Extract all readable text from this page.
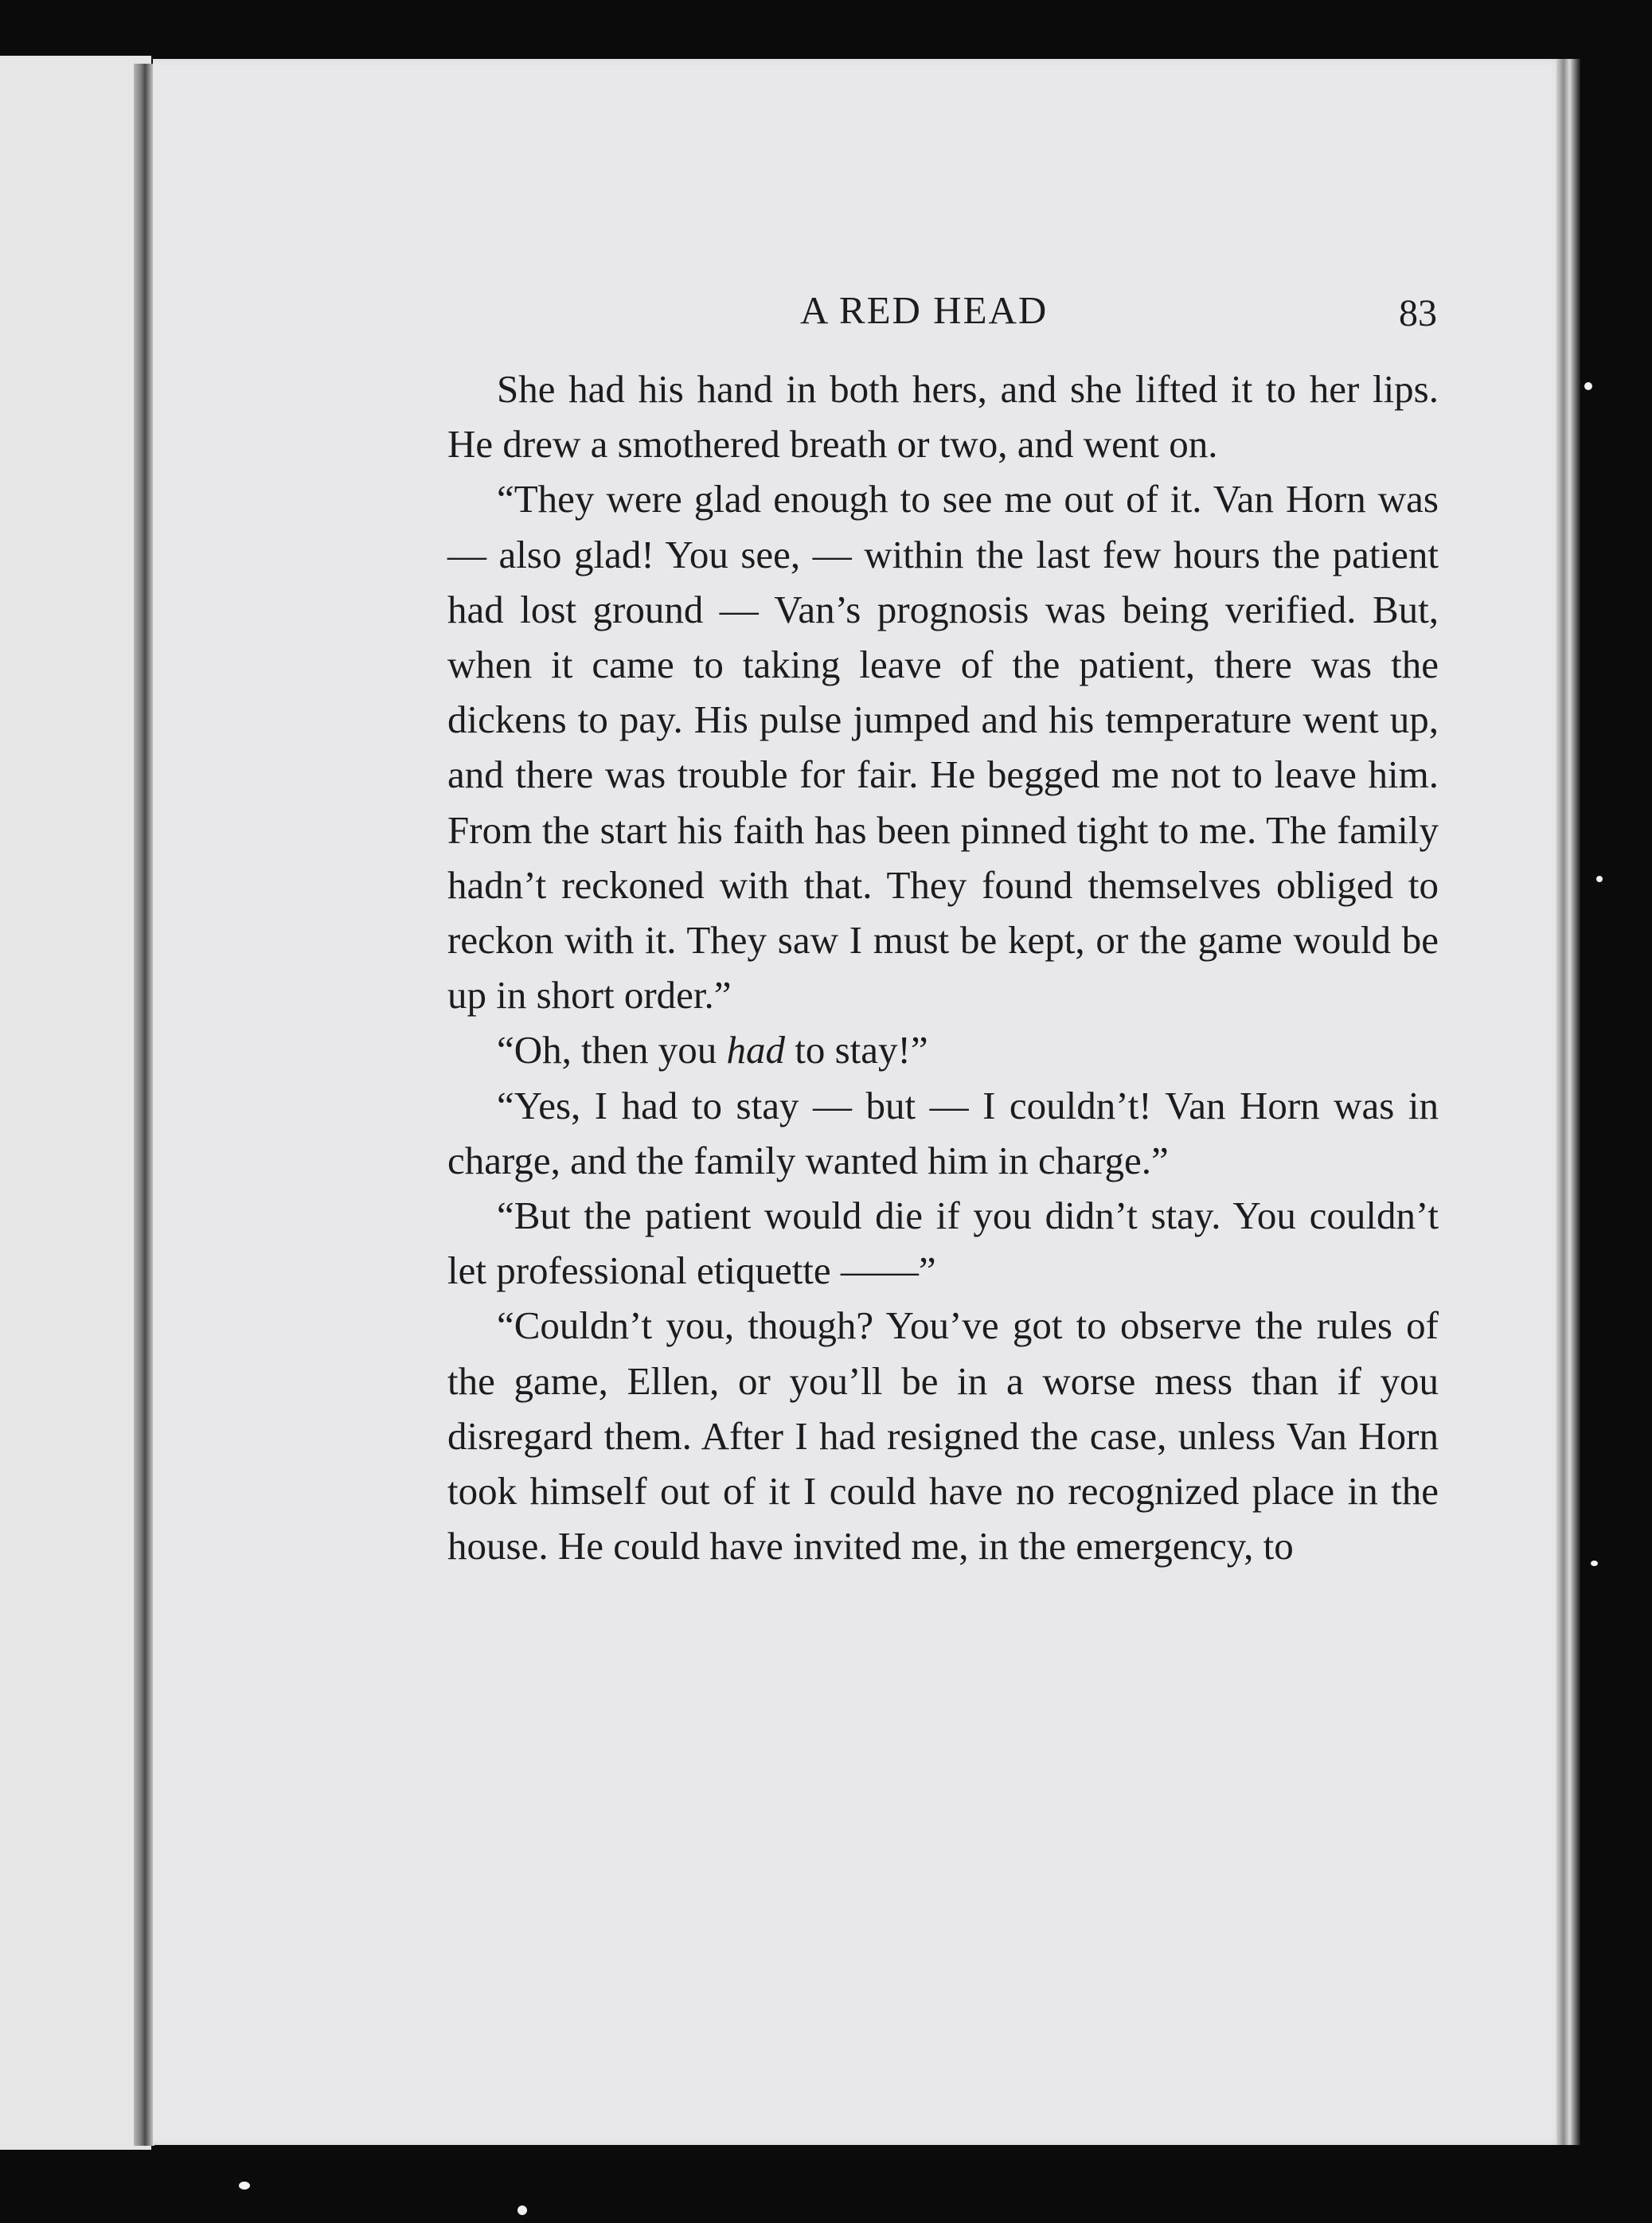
A RED HEAD	83

She had his hand in both hers, and she lifted it to her lips. He drew a smothered breath or two, and went on.

“They were glad enough to see me out of it. Van Horn was — also glad! You see, — within the last few hours the patient had lost ground — Van’s prognosis was being verified. But, when it came to taking leave of the patient, there was the dickens to pay. His pulse jumped and his temperature went up, and there was trouble for fair. He begged me not to leave him. From the start his faith has been pinned tight to me. The family hadn’t reckoned with that. They found themselves obliged to reckon with it. They saw I must be kept, or the game would be up in short order.”

“Oh, then you had to stay!”

“Yes, I had to stay — but — I couldn’t! Van Horn was in charge, and the family wanted him in charge.”

“But the patient would die if you didn’t stay. You couldn’t let professional etiquette ——”

“Couldn’t you, though? You’ve got to observe the rules of the game, Ellen, or you’ll be in a worse mess than if you disregard them. After I had resigned the case, unless Van Horn took himself out of it I could have no recognized place in the house. He could have invited me, in the emergency, to
